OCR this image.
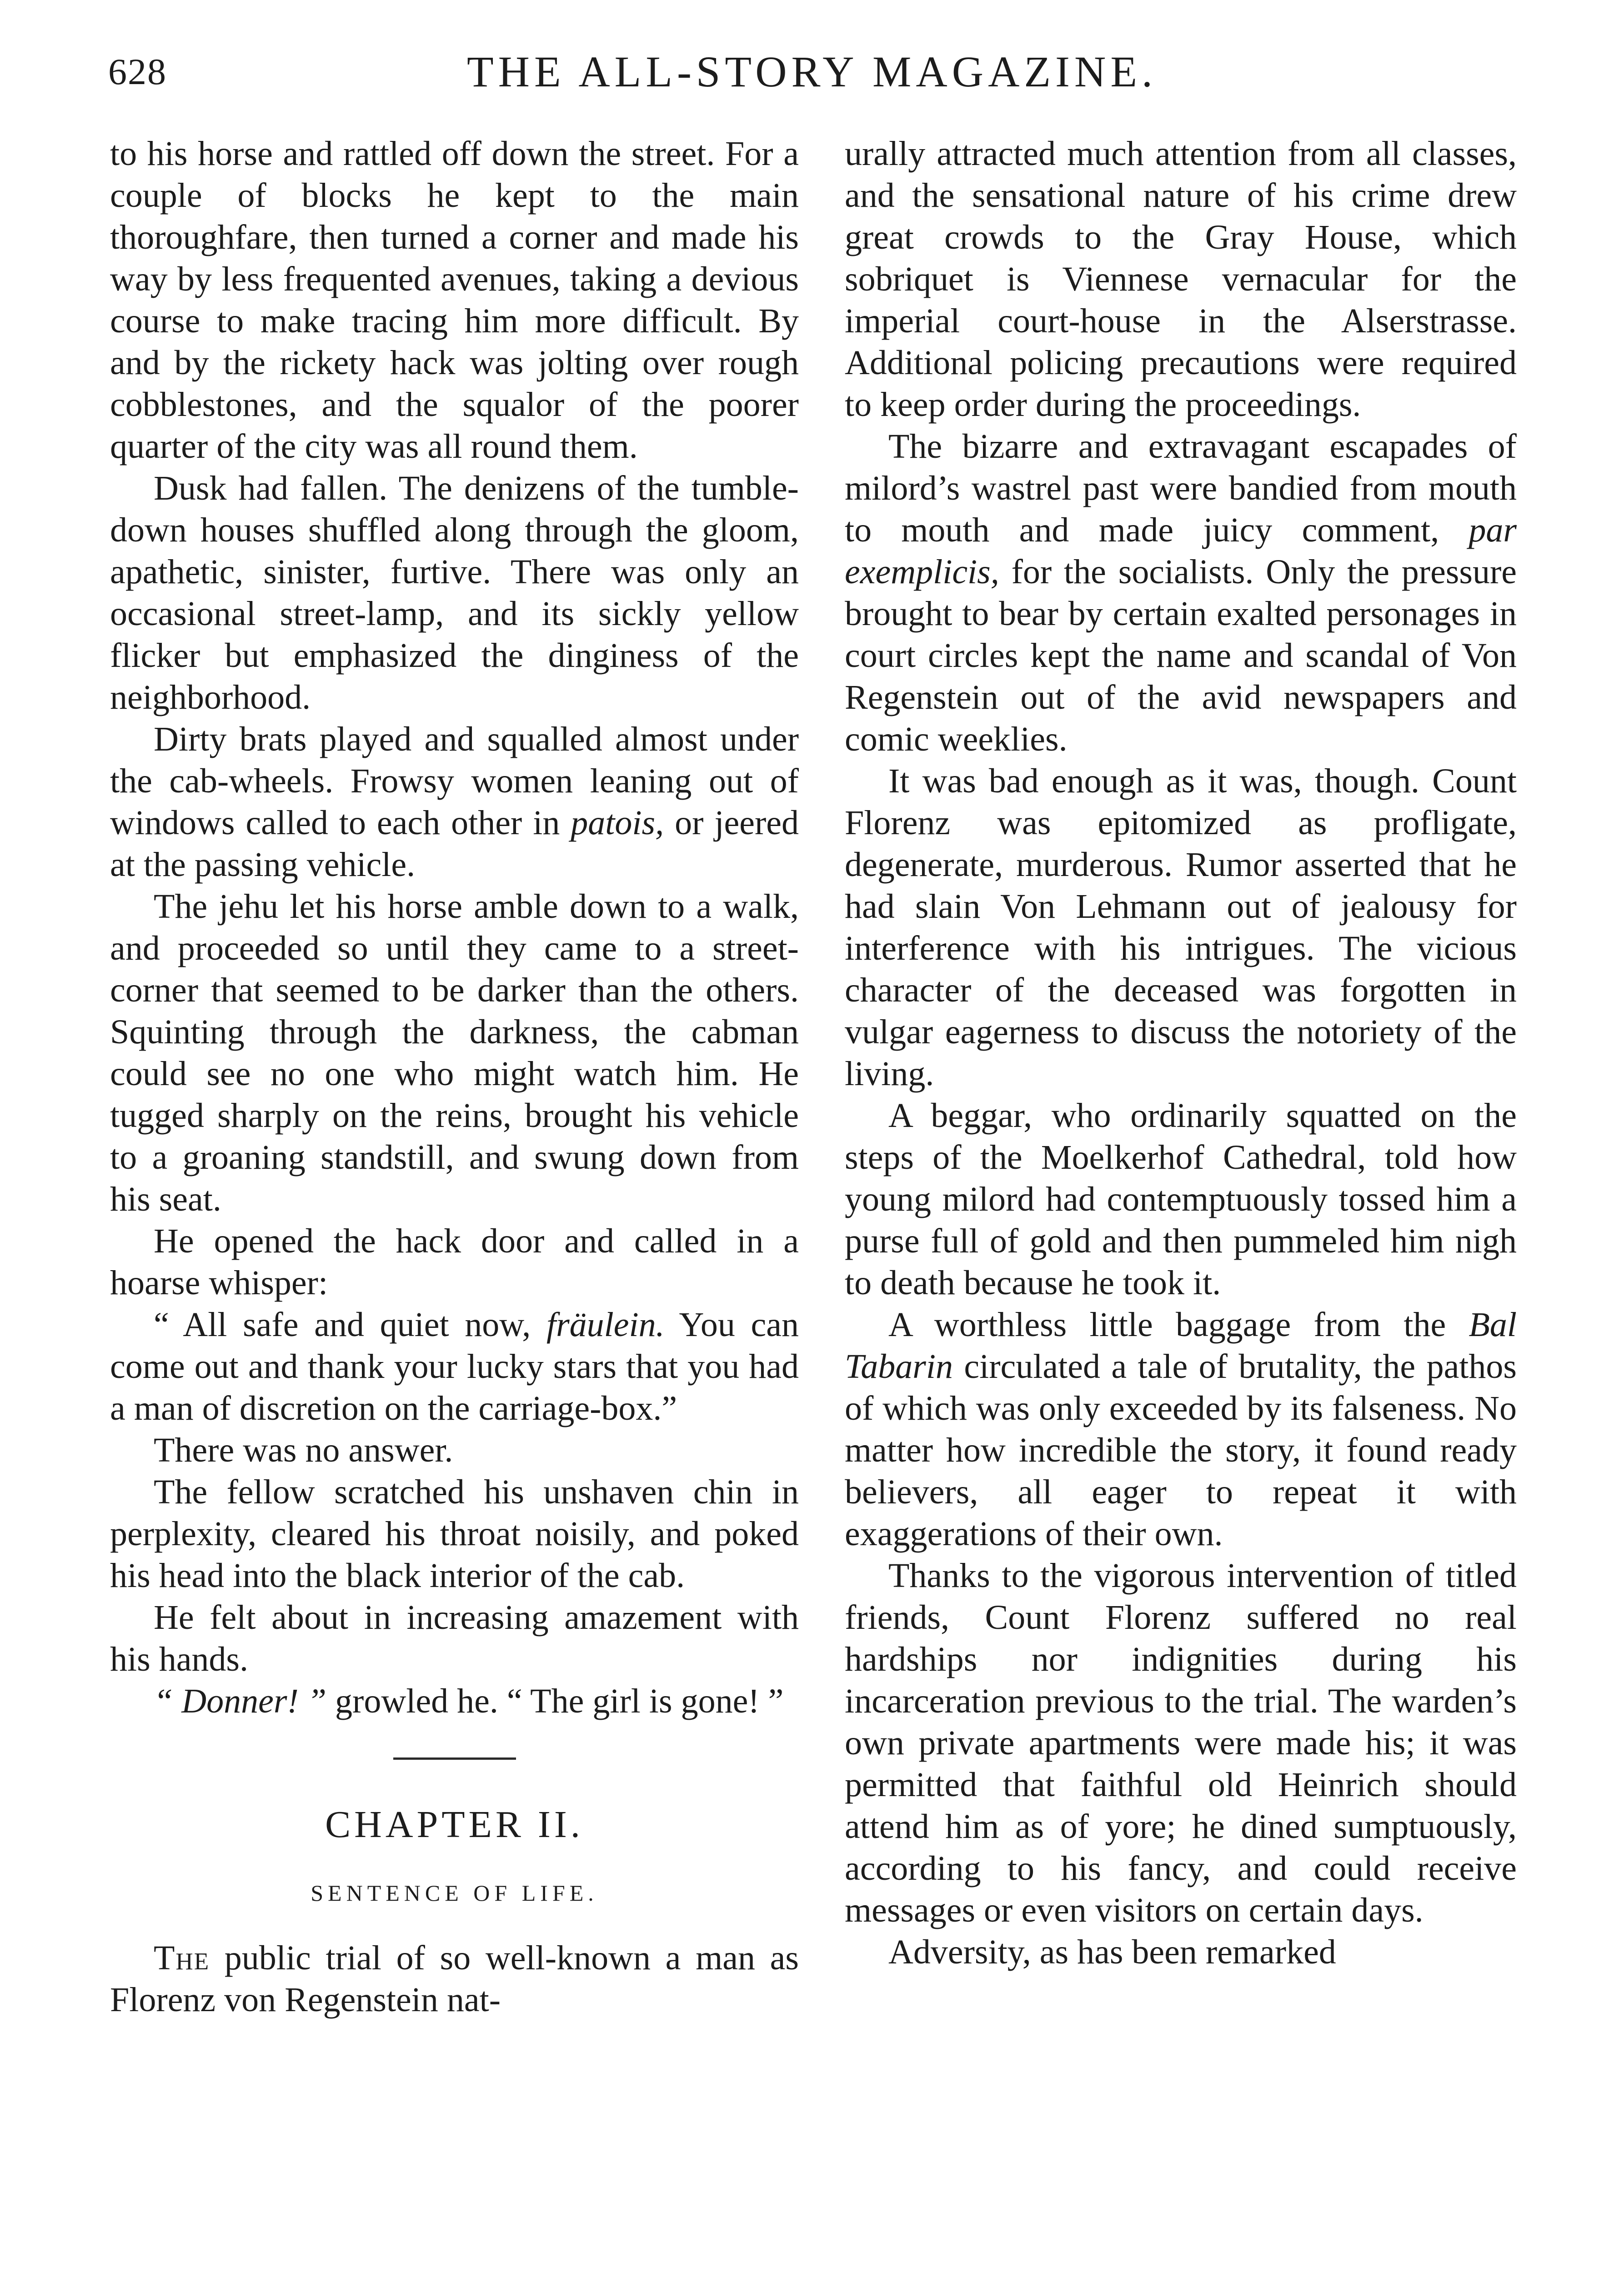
628	THE ALL-STORY MAGAZINE.

to his horse and rattled off down the street. For a couple of blocks he kept to the main thoroughfare, then turned a corner and made his way by less frequented avenues, taking a devious course to make tracing him more difficult. By and by the rickety hack was jolting over rough cobblestones, and the squalor of the poorer quarter of the city was all round them.

Dusk had fallen. The denizens of the tumble-down houses shuffled along through the gloom, apathetic, sinister, furtive. There was only an occasional street-lamp, and its sickly yellow flicker but emphasized the dinginess of the neighborhood.

Dirty brats played and squalled almost under the cab-wheels. Frowsy women leaning out of windows called to each other in patois, or jeered at the passing vehicle.

The jehu let his horse amble down to a walk, and proceeded so until they came to a street-corner that seemed to be darker than the others. Squinting through the darkness, the cabman could see no one who might watch him. He tugged sharply on the reins, brought his vehicle to a groaning standstill, and swung down from his seat.

He opened the hack door and called in a hoarse whisper:

“ All safe and quiet now, fräulein. You can come out and thank your lucky stars that you had a man of discretion on the carriage-box.”

There was no answer.

The fellow scratched his unshaven chin in perplexity, cleared his throat noisily, and poked his head into the black interior of the cab.

He felt about in increasing amazement with his hands.

“ Donner! ” growled he. “ The girl is gone! ”

CHAPTER II.
SENTENCE OF LIFE.

The public trial of so well-known a man as Florenz von Regenstein nat-

urally attracted much attention from all classes, and the sensational nature of his crime drew great crowds to the Gray House, which sobriquet is Viennese vernacular for the imperial court-house in the Alserstrasse. Additional policing precautions were required to keep order during the proceedings.

The bizarre and extravagant escapades of milord’s wastrel past were bandied from mouth to mouth and made juicy comment, par exemplicis, for the socialists. Only the pressure brought to bear by certain exalted personages in court circles kept the name and scandal of Von Regenstein out of the avid newspapers and comic weeklies.

It was bad enough as it was, though. Count Florenz was epitomized as profligate, degenerate, murderous. Rumor asserted that he had slain Von Lehmann out of jealousy for interference with his intrigues. The vicious character of the deceased was forgotten in vulgar eagerness to discuss the notoriety of the living.

A beggar, who ordinarily squatted on the steps of the Moelkerhof Cathedral, told how young milord had contemptuously tossed him a purse full of gold and then pummeled him nigh to death because he took it.

A worthless little baggage from the Bal Tabarin circulated a tale of brutality, the pathos of which was only exceeded by its falseness. No matter how incredible the story, it found ready believers, all eager to repeat it with exaggerations of their own.

Thanks to the vigorous intervention of titled friends, Count Florenz suffered no real hardships nor indignities during his incarceration previous to the trial. The warden’s own private apartments were made his; it was permitted that faithful old Heinrich should attend him as of yore; he dined sumptuously, according to his fancy, and could receive messages or even visitors on certain days.

Adversity, as has been remarked
